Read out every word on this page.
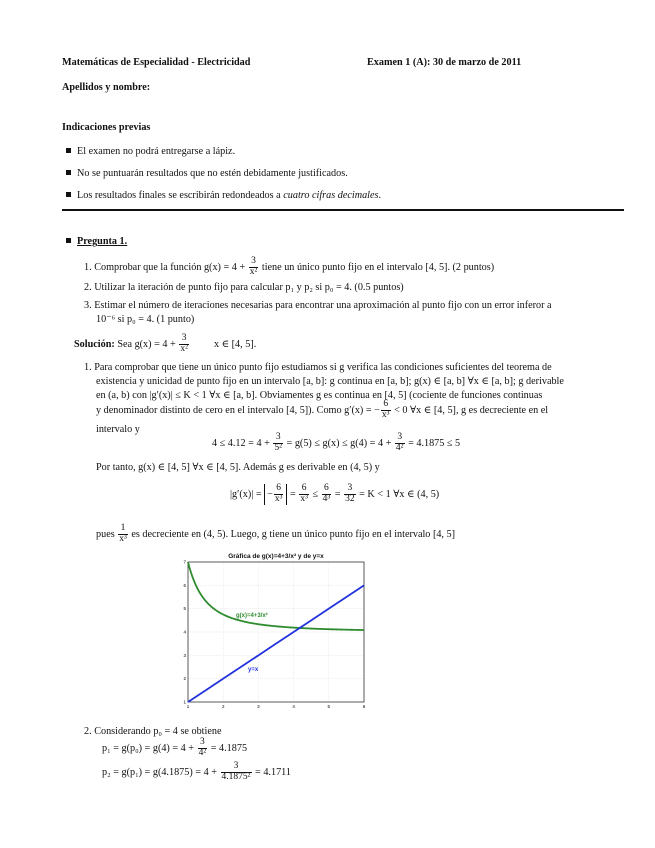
Matemáticas de Especialidad - Electricidad	Examen 1 (A): 30 de marzo de 2011
Apellidos y nombre:
Indicaciones previas
El examen no podrá entregarse a lápiz.
No se puntuarán resultados que no estén debidamente justificados.
Los resultados finales se escribirán redondeados a cuatro cifras decimales.
Pregunta 1.
1. Comprobar que la función $g(x) = 4 + \frac{3}{\text{x²}}$ tiene un único punto fijo en el intervalo [4, 5]. (2 puntos)
2. Utilizar la iteración de punto fijo para calcular p₁ y p₂ si p₀ = 4. (0.5 puntos)
3. Estimar el número de iteraciones necesarias para encontrar una aproximación al punto fijo con un error inferor a
10⁻⁶ si p₀ = 4. (1 punto)
Solución: Sea $g(x) = 4 + \frac{3}{\text{x²}}$ x ∈ [4, 5].
1. Para comprobar que tiene un único punto fijo estudiamos si g verifica las condiciones suficientes del teorema de
existencia y unicidad de punto fijo en un intervalo [a, b]: g continua en [a, b]; g(x) ∈ [a, b] ∀x ∈ [a, b]; g derivable
en (a, b) con |g′(x)| ≤ K < 1 ∀x ∈ [a, b]. Obviamentes g es continua en [4, 5] (cociente de funciones continuas
y denominador distinto de cero en el intervalo [4, 5]). Como g′(x) = − $\frac{6}{\text{x³}} < 0$ ∀x ∈ [4, 5], g es decreciente en el
intervalo y
$4 \le 4.12 = 4 + \frac{3}{\text{5²}} = g(5) \le g(x) \le g(4) = 4 + \frac{3}{\text{4²}} = 4.1875 \le 5$
Por tanto, g(x) ∈ [4, 5] ∀x ∈ [4, 5]. Además g es derivable en (4, 5) y
|g′(x)| = − $\frac{6}{\text{x³}} = \frac{6}{\text{x³}} \le \frac{6}{\text{4³}} = \frac{3}{32} = K < 1$ ∀x ∈ (4, 5)
pues $\frac{1}{\text{x³}}$ es decreciente en (4, 5). Luego, g tiene un único punto fijo en el intervalo [4, 5]
Gráfica de g(x)=4+3/x² y de y=x
1	2	3	4	5	6
1
2
3
4
5
6
7
g(x)=4+3/x²
y=x
2. Considerando p₀ = 4 se obtiene
$p_1 = g(p_0) = g(4) = 4 + \frac{3}{\text{4²}} = 4.1875$
$p_2 = g(p_1) = g(4.1875) = 4 + \frac{3}{\text{4.1875²}} = 4.1711$
